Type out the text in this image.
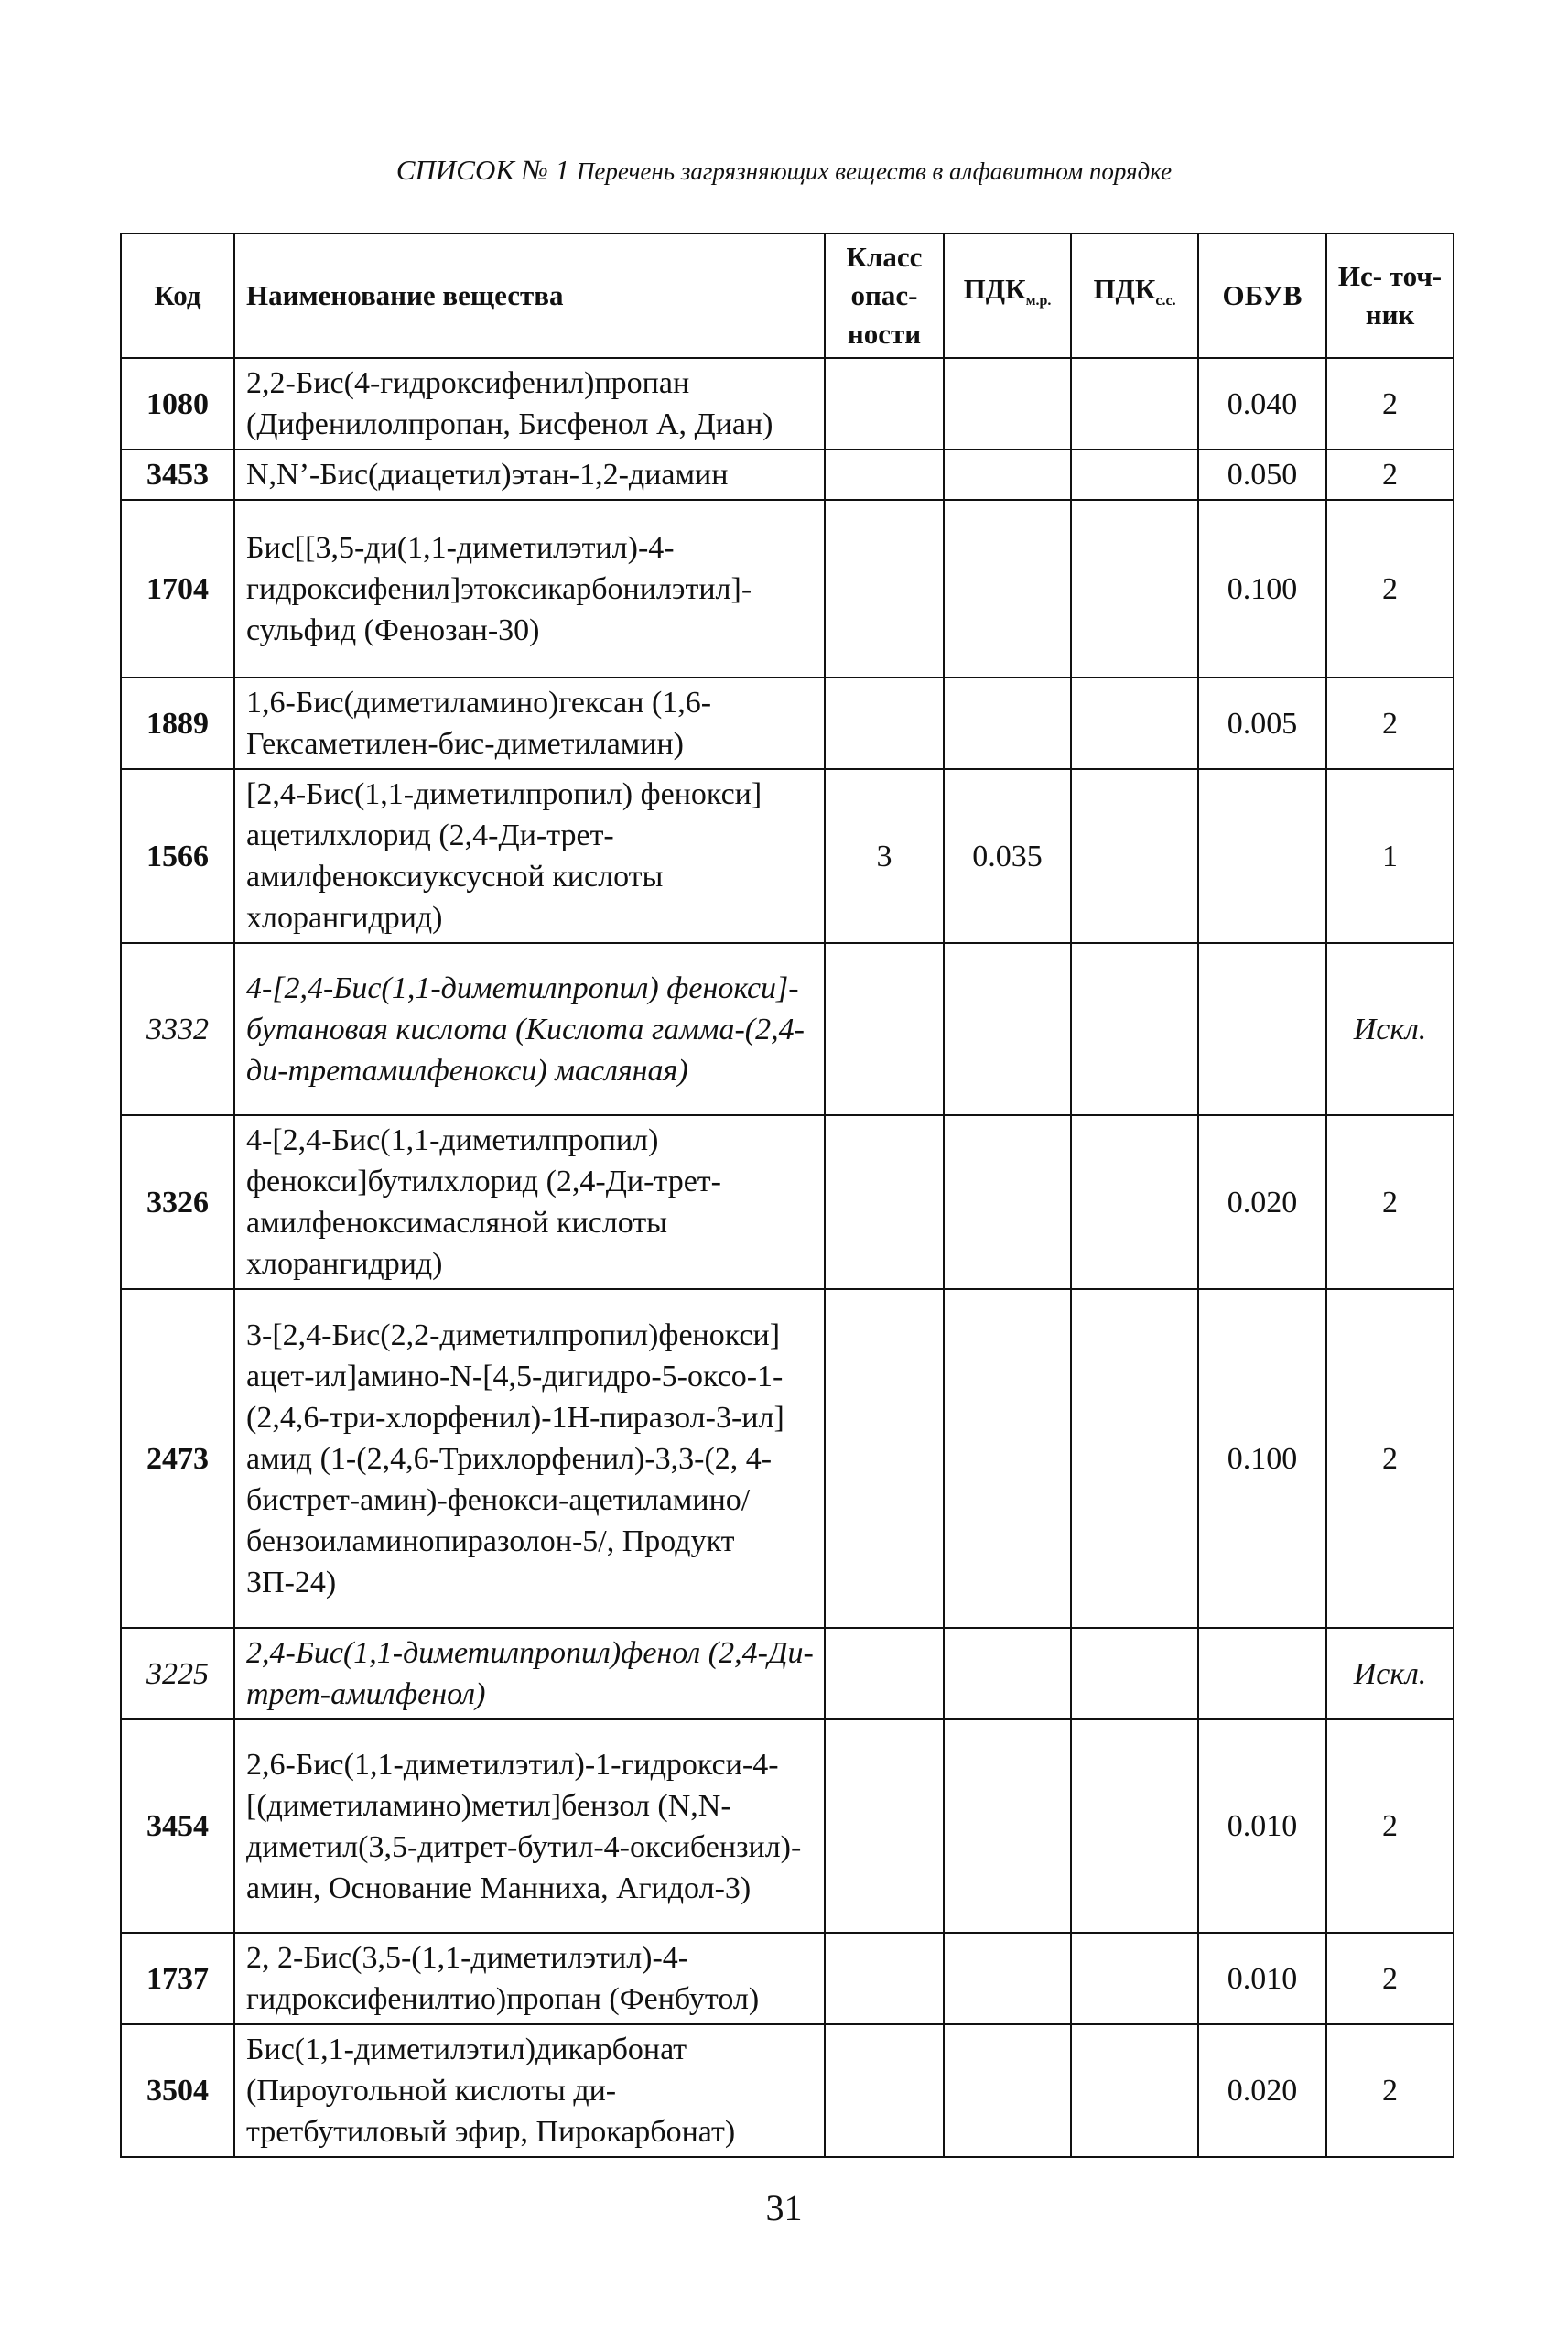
СПИСОК № 1 Перечень загрязняющих веществ в алфавитном порядке
Код	Наименование вещества	Класс опас- ности	$ПДК_{м.р.}$	$ПДК_{с.с.}$	ОБУВ	Ис- точ- ник
1080	2,2-Бис(4-гидроксифенил)пропан (Дифенилолпропан, Бисфенол А, Диан)				0.040	2
3453	N,N’-Бис(диацетил)этан-1,2-диамин				0.050	2
1704	Бис[[3,5-ди(1,1-диметилэтил)-4-гидроксифенил]этоксикарбонилэтил]-сульфид (Фенозан-30)				0.100	2
1889	1,6-Бис(диметиламино)гексан (1,6-Гексаметилен-бис-диметиламин)				0.005	2
1566	[2,4-Бис(1,1-диметилпропил) фенокси] ацетилхлорид (2,4-Ди-трет-амилфеноксиуксусной кислоты хлорангидрид)	3	0.035			1
3332	4-[2,4-Бис(1,1-диметилпропил) фенокси]-бутановая кислота (Кислота гамма-(2,4-ди-третамилфенокси) масляная)					Искл.
3326	4-[2,4-Бис(1,1-диметилпропил) фенокси]бутилхлорид (2,4-Ди-трет-амилфеноксимасляной кислоты хлорангидрид)				0.020	2
2473	3-[2,4-Бис(2,2-диметилпропил)фенокси] ацет-ил]амино-N-[4,5-дигидро-5-оксо-1-(2,4,6-три-хлорфенил)-1Н-пиразол-3-ил] амид (1-(2,4,6-Трихлорфенил)-3,3-(2, 4-бистрет-амин)-фенокси-ацетиламино/ бензоиламинопиразолон-5/, Продукт ЗП-24)				0.100	2
3225	2,4-Бис(1,1-диметилпропил)фенол (2,4-Ди-трет-амилфенол)					Искл.
3454	2,6-Бис(1,1-диметилэтил)-1-гидрокси-4-[(диметиламино)метил]бензол (N,N-диметил(3,5-дитрет-бутил-4-оксибензил)-амин, Основание Манниха, Агидол-3)				0.010	2
1737	2, 2-Бис(3,5-(1,1-диметилэтил)-4-гидроксифенилтио)пропан (Фенбутол)				0.010	2
3504	Бис(1,1-диметилэтил)дикарбонат (Пироугольной кислоты ди-третбутиловый эфир, Пирокарбонат)				0.020	2
31
